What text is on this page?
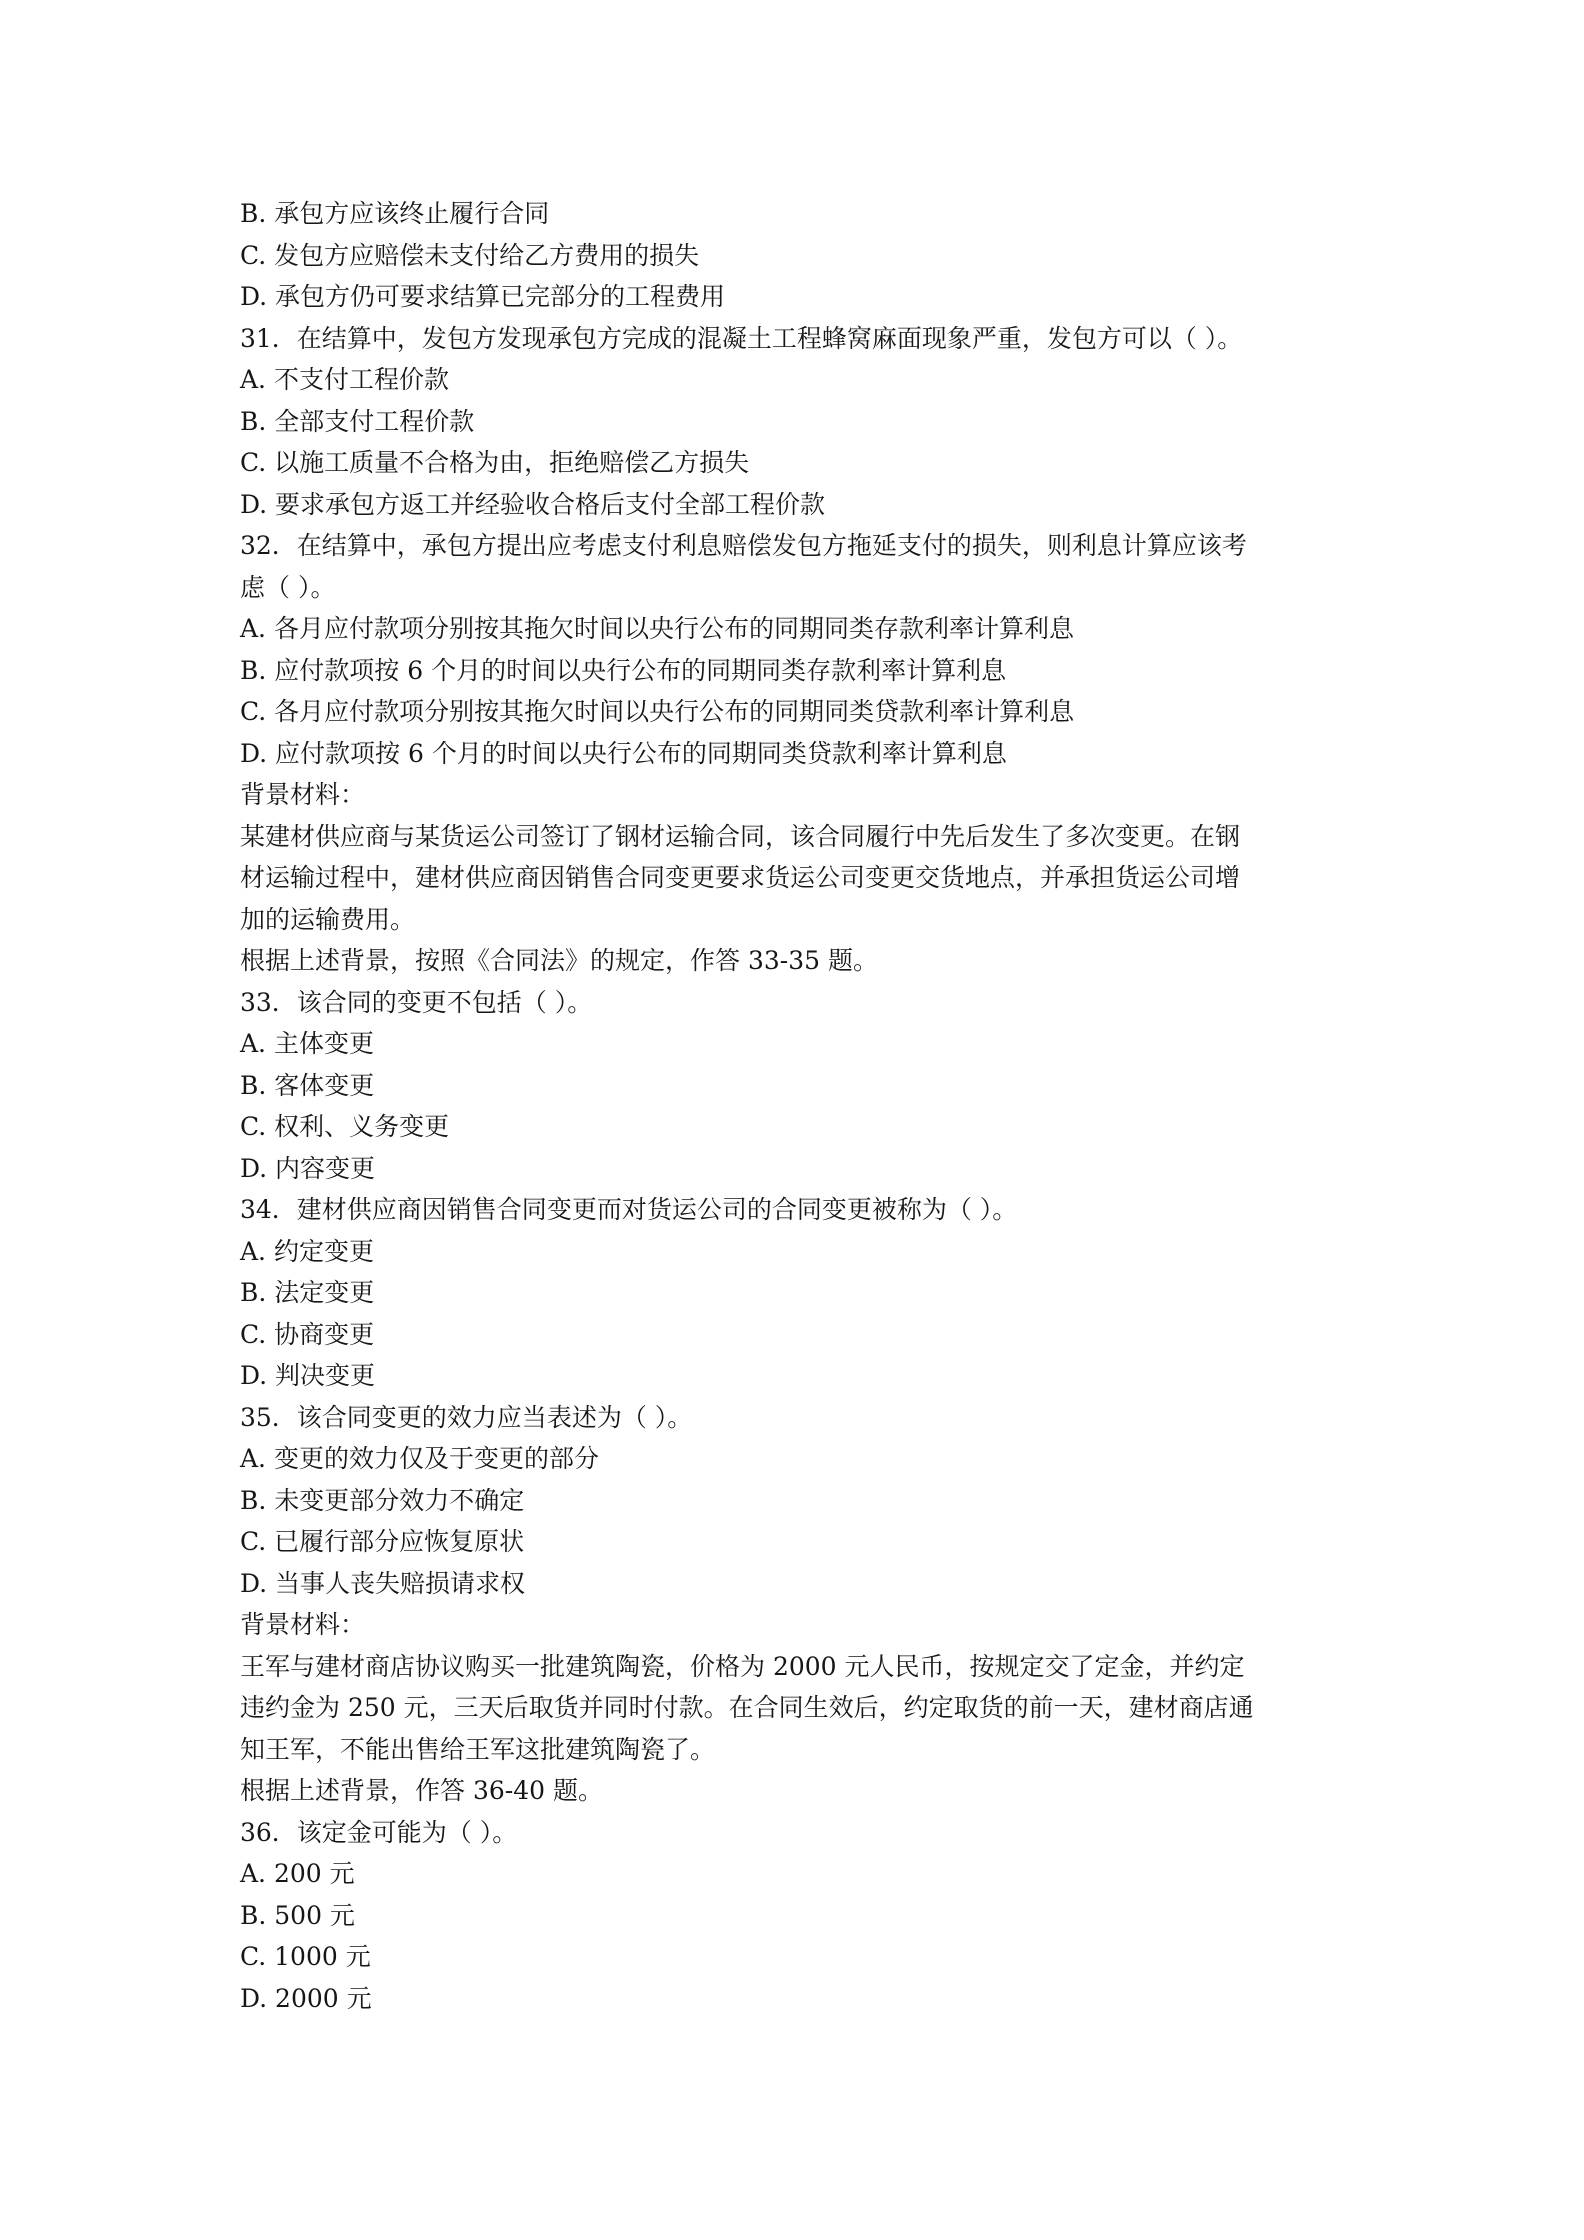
B. 承包方应该终止履行合同
C. 发包方应赔偿未支付给乙方费用的损失
D. 承包方仍可要求结算已完部分的工程费用
31．在结算中，发包方发现承包方完成的混凝土工程蜂窝麻面现象严重，发包方可以（ ）。
A. 不支付工程价款
B. 全部支付工程价款
C. 以施工质量不合格为由，拒绝赔偿乙方损失
D. 要求承包方返工并经验收合格后支付全部工程价款
32．在结算中，承包方提出应考虑支付利息赔偿发包方拖延支付的损失，则利息计算应该考
虑（ ）。
A. 各月应付款项分别按其拖欠时间以央行公布的同期同类存款利率计算利息
B. 应付款项按 6 个月的时间以央行公布的同期同类存款利率计算利息
C. 各月应付款项分别按其拖欠时间以央行公布的同期同类贷款利率计算利息
D. 应付款项按 6 个月的时间以央行公布的同期同类贷款利率计算利息
背景材料：
某建材供应商与某货运公司签订了钢材运输合同，该合同履行中先后发生了多次变更。在钢
材运输过程中，建材供应商因销售合同变更要求货运公司变更交货地点，并承担货运公司增
加的运输费用。
根据上述背景，按照《合同法》的规定，作答 33-35 题。
33．该合同的变更不包括（ ）。
A. 主体变更
B. 客体变更
C. 权利、义务变更
D. 内容变更
34．建材供应商因销售合同变更而对货运公司的合同变更被称为（ ）。
A. 约定变更
B. 法定变更
C. 协商变更
D. 判决变更
35．该合同变更的效力应当表述为（ ）。
A. 变更的效力仅及于变更的部分
B. 未变更部分效力不确定
C. 已履行部分应恢复原状
D. 当事人丧失赔损请求权
背景材料：
王军与建材商店协议购买一批建筑陶瓷，价格为 2000 元人民币，按规定交了定金，并约定
违约金为 250 元，三天后取货并同时付款。在合同生效后，约定取货的前一天，建材商店通
知王军，不能出售给王军这批建筑陶瓷了。
根据上述背景，作答 36-40 题。
36．该定金可能为（ ）。
A. 200 元
B. 500 元
C. 1000 元
D. 2000 元
